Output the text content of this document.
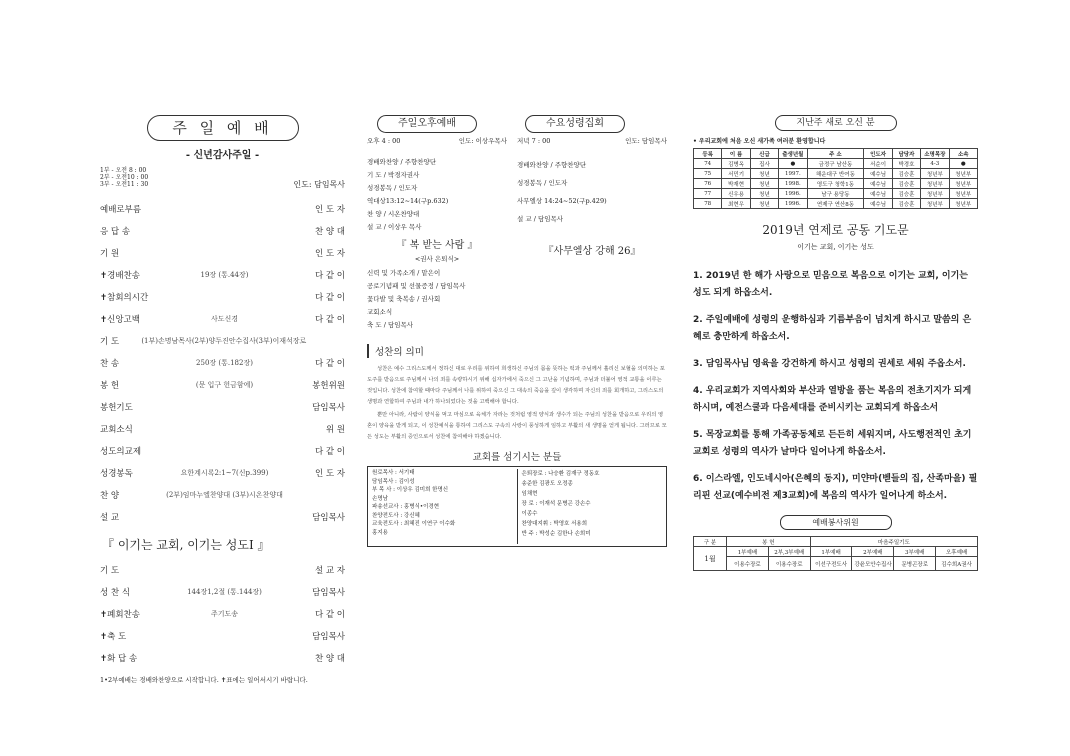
주 일 예 배
- 신년감사주일 -
1부 - 오전 8 : 00
2부 - 오전10 : 00
3부 - 오전11 : 30	인도: 담임목사
예배로부름	인 도 자
응 답 송	찬 양 대
기 원	인 도 자
✝경배찬송	19장 (통.44장)	다 같 이
✝참회의시간	다 같 이
✝신앙고백	사도신경	다 같 이
기 도	(1부)손명남목사(2부)양두진안수집사(3부)이재석장로
찬 송	250장 (통.182장)	다 같 이
봉 헌	(문 입구 헌금함에)	봉헌위원
봉헌기도	담임목사
교회소식	위 원
성도의교제	다 같 이
성경봉독	요한계시록2:1~7(신p.399)	인 도 자
찬 양	(2부)임마누엘찬양대 (3부)시온찬양대
설 교	담임목사
『 이기는 교회, 이기는 성도Ⅰ 』
기 도	설 교 자
성 찬 식	144장1,2절 (통.144장)	담임목사
✝폐회찬송	주기도송	다 같 이
✝축 도	담임목사
✝화 답 송	찬 양 대
1•2부예배는 경배와찬양으로 시작합니다. ✝표에는 일어서시기 바랍니다.
주일오후예배
오후 4 : 00	인도: 이상우목사
경배와찬양 / 주향찬양단
기 도 / 박경자권사
성경봉독 / 인도자
역대상13:12~14(구p.632)
찬 양 / 시온찬양대
설 교 / 이상우 목사
『 복 받는 사람 』
<권사 은퇴식>
신력 및 가족소개 / 맡은이
공로기념패 및 선물증정 / 담임목사
꽃다발 및 축복송 / 권사회
교회소식
축 도 / 담임목사
수요성령집회
저녁 7 : 00	인도: 담임목사
경배와찬양 / 주향찬양단
성경봉독 / 인도자
사무엘상 14:24~52(구p.429)
설 교 / 담임목사
『사무엘상 강해 26』
성찬의 의미
성찬은 예수 그리스도께서 정하신 대로 우리를 위하여 희생하신 주님의 몸을 뜻하는 떡과 주님께서 흘리신 보혈을 의미하는 포도주를 받음으로 주님께서 나의 죄를 속량하시기 위해 십자가에서 죽으신 그 고난을 기념하며, 주님과 더불어 영적 교통을 이루는 것입니다. 성찬에 참여할 때마다 주님께서 나를 위하여 죽으신 그 대속의 죽음을 깊이 생각하며 자신의 죄를 회개하고, 그리스도의 생명과 연합하여 주님과 내가 하나되었다는 것을 고백해야 합니다.
뿐만 아니라, 사람이 양식을 먹고 마심으로 육체가 자라는 것처럼 영적 양식과 생수가 되는 주님의 성찬을 받음으로 우리의 영혼이 양육을 받게 되고, 이 성찬예식을 통하여 그리스도 구속의 사랑이 풍성하게 임하고 부활의 새 생명을 얻게 됩니다. 그러므로 모든 성도는 부활의 증인으로서 성찬에 참여해야 하겠습니다.
교회를 섬기시는 분들
원로목사 : 서기태
담임목사 : 김이성
부 목 사 : 이상우 김미희 한명신
손명남
파송선교사 : 홍병식•이경현
찬양전도사 : 강신혜
교육전도사 : 최혜진 이연구 이수화
홍지용
은퇴장로 : 나승환 김재구 정동호
송준한 김광도 오정종
임채현
장 로 : 이재석 문병곤 강손수
이종수
찬양대지휘 : 박영호 서용희
반 주 : 박성순 김한나 손희미
지난주 새로 오신 분
• 우리교회에 처음 오신 새가족 여러분 환영합니다
등록	이 름	신급	출생년월	주 소	인도자	담당자	소명목장	소속
74	김병옥	집사	●	금정구 남산동	서순이	박경호	4-3	●
75	서민기	청년	1997.	해운대구 반여동	예수님	김승훈	청년부	청년부
76	박재현	청년	1998.	영도구 청학1동	예수님	김승훈	청년부	청년부
77	신우용	청년	1996.	남구 용당동	예수님	김승훈	청년부	청년부
78	최현우	청년	1996.	연제구 연산8동	예수님	김승훈	청년부	청년부
2019년 연제로 공동 기도문
이기는 교회, 이기는 성도
1. 2019년 한 해가 사랑으로 믿음으로 복음으로 이기는 교회, 이기는 성도 되게 하옵소서.
2. 주일예배에 성령의 운행하심과 기름부음이 넘치게 하시고 말씀의 은혜로 충만하게 하옵소서.
3. 담임목사님 영육을 강건하게 하시고 성령의 권세로 세워 주옵소서.
4. 우리교회가 지역사회와 부산과 열방을 품는 복음의 전초기지가 되게 하시며, 예전스쿨과 다음세대를 준비시키는 교회되게 하옵소서
5. 목장교회를 통해 가족공동체로 든든히 세워지며, 사도행전적인 초기교회로 성령의 역사가 날마다 일어나게 하옵소서.
6. 이스라엘, 인도네시아(은혜의 동지), 미얀마(벧들의 집, 산족마을) 필리핀 선교(예수비전 제3교회)에 복음의 역사가 일어나게 하소서.
예배봉사위원
구 분	봉 헌		마음주일기도			
1월	1부예배	2부,3부예배	1부예배	2부예배	3부예배	오후예배
	이용수장로	이용수장로	이선구전도사	강윤모안수집사	문병곤장로	김수희A권사
